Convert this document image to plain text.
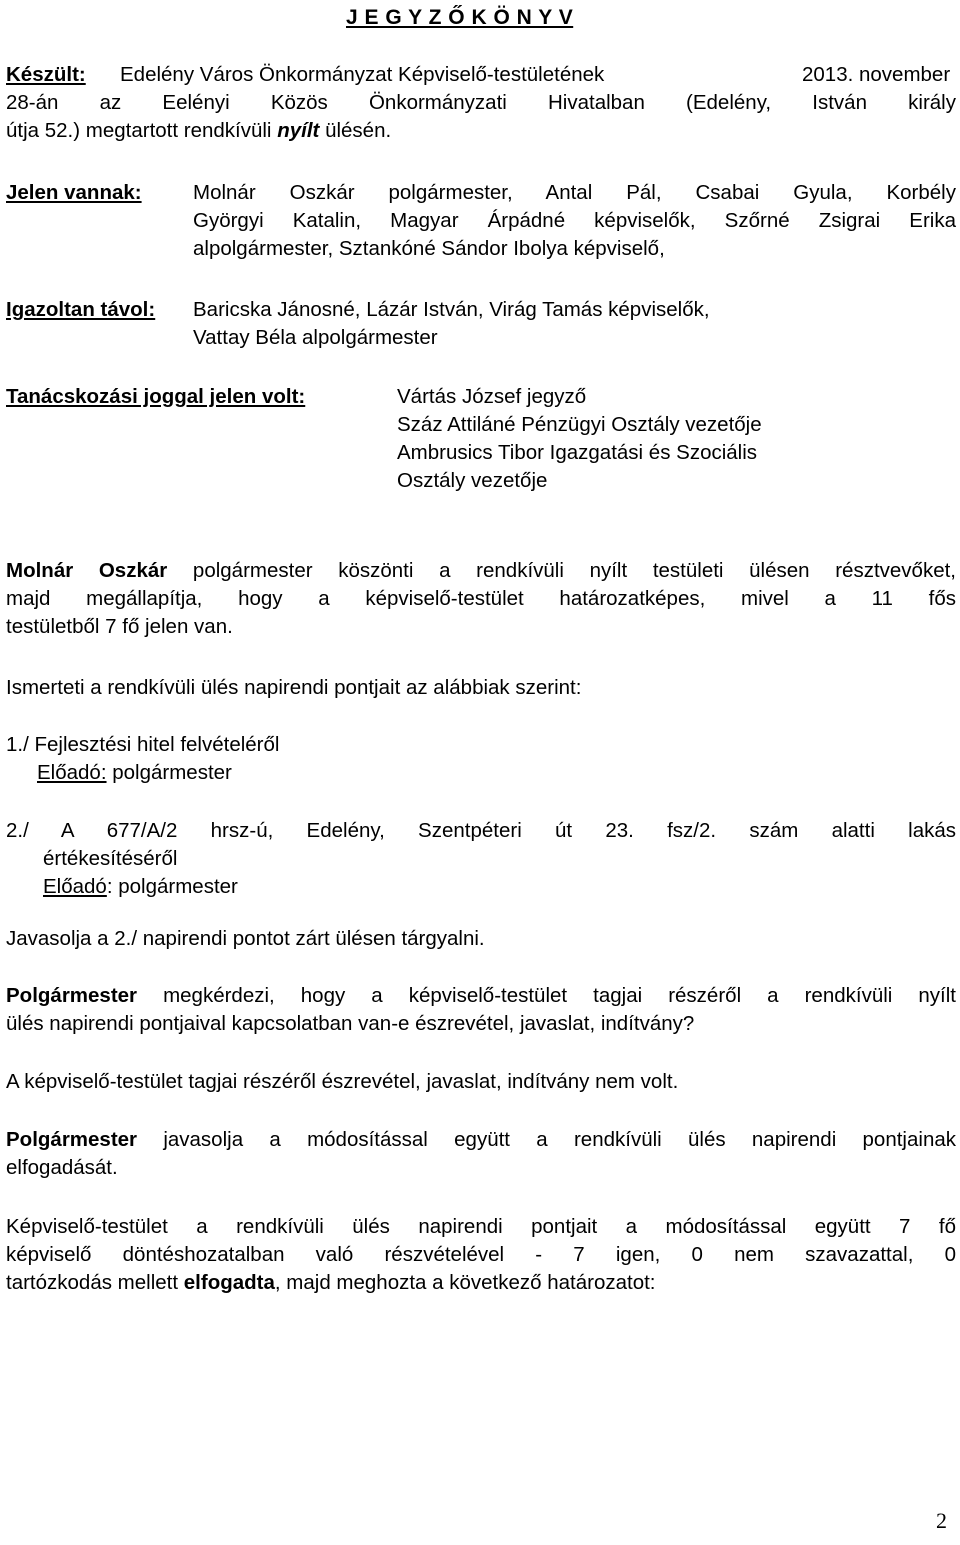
J E G Y Z Ő K Ö N Y V
Készült: Edelény Város Önkormányzat Képviselő-testületének	2013. november
28-án az Eelényi Közös Önkormányzati Hivatalban (Edelény, István király
útja 52.) megtartott rendkívüli nyílt ülésén.
Jelen vannak:	Molnár Oszkár polgármester, Antal Pál, Csabai Gyula, Korbély
Györgyi Katalin, Magyar Árpádné képviselők, Szőrné Zsigrai Erika
alpolgármester, Sztankóné Sándor Ibolya képviselő,
Igazoltan távol: Baricska Jánosné, Lázár István, Virág Tamás képviselők,
Vattay Béla alpolgármester
Tanácskozási joggal jelen volt:	Vártás József jegyző
Száz Attiláné Pénzügyi Osztály vezetője
Ambrusics Tibor Igazgatási és Szociális
Osztály vezetője
Molnár Oszkár polgármester köszönti a rendkívüli nyílt testületi ülésen résztvevőket,
majd megállapítja, hogy a képviselő-testület határozatképes, mivel a 11 fős
testületből 7 fő jelen van.
Ismerteti a rendkívüli ülés napirendi pontjait az alábbiak szerint:
1./ Fejlesztési hitel felvételéről
Előadó: polgármester
2./ A 677/A/2 hrsz-ú, Edelény, Szentpéteri út 23. fsz/2. szám alatti lakás
értékesítéséről
Előadó: polgármester
Javasolja a 2./ napirendi pontot zárt ülésen tárgyalni.
Polgármester megkérdezi, hogy a képviselő-testület tagjai részéről a rendkívüli nyílt
ülés napirendi pontjaival kapcsolatban van-e észrevétel, javaslat, indítvány?
A képviselő-testület tagjai részéről észrevétel, javaslat, indítvány nem volt.
Polgármester javasolja a módosítással együtt a rendkívüli ülés napirendi pontjainak
elfogadását.
Képviselő-testület a rendkívüli ülés napirendi pontjait a módosítással együtt 7 fő
képviselő döntéshozatalban való részvételével - 7 igen, 0 nem szavazattal, 0
tartózkodás mellett elfogadta, majd meghozta a következő határozatot:
2
